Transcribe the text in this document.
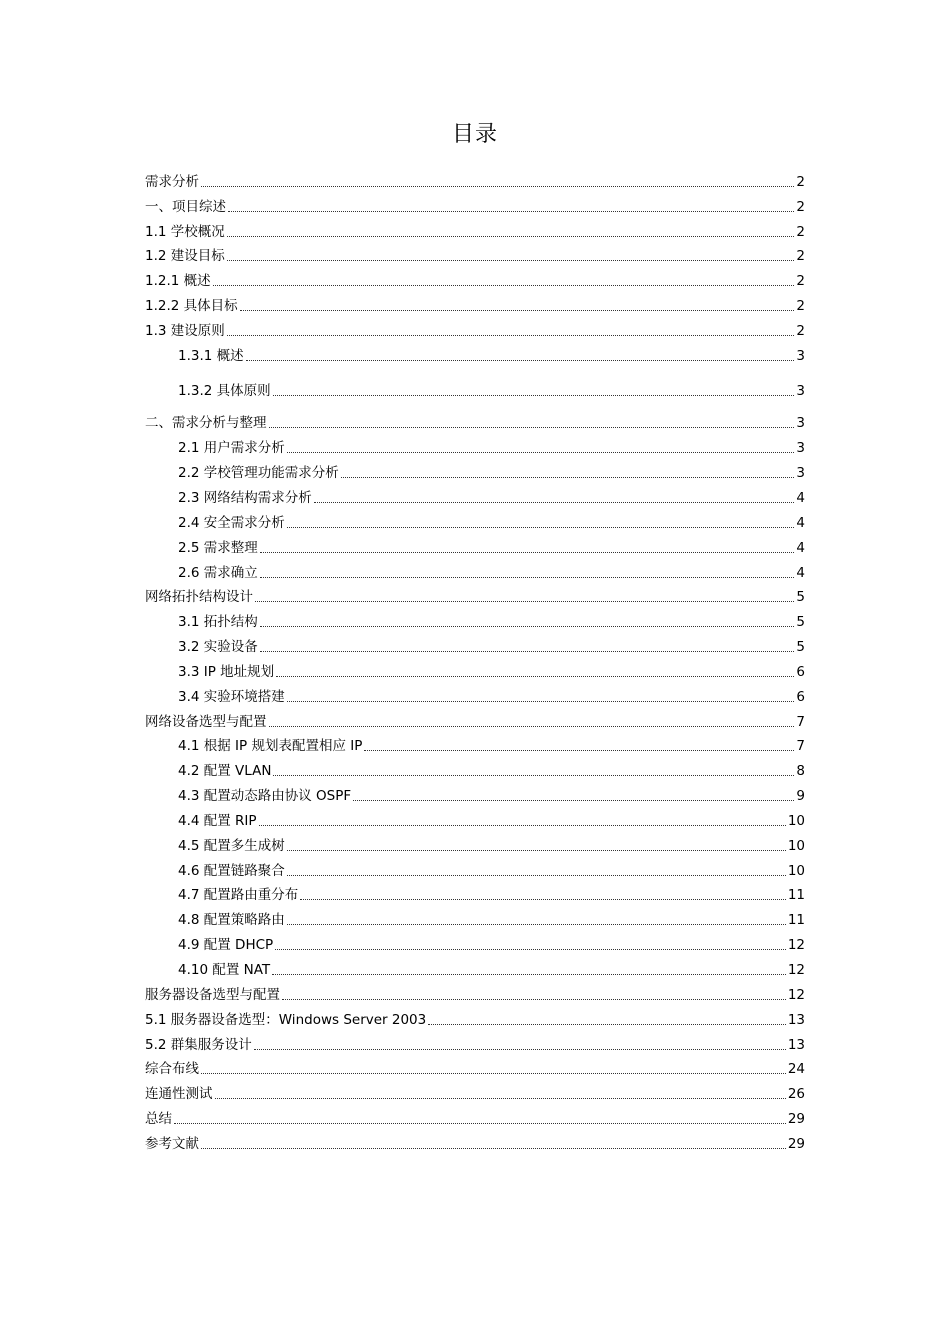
目录
需求分析	2
一、项目综述	2
1.1 学校概况	2
1.2 建设目标	2
1.2.1 概述	2
1.2.2 具体目标	2
1.3 建设原则	2
1.3.1 概述	3
1.3.2 具体原则	3
二、需求分析与整理	3
2.1 用户需求分析	3
2.2 学校管理功能需求分析	3
2.3 网络结构需求分析	4
2.4 安全需求分析	4
2.5 需求整理	4
2.6 需求确立	4
网络拓扑结构设计	5
3.1 拓扑结构	5
3.2 实验设备	5
3.3 IP 地址规划	6
3.4 实验环境搭建	6
网络设备选型与配置	7
4.1 根据 IP 规划表配置相应 IP	7
4.2 配置 VLAN	8
4.3 配置动态路由协议 OSPF	9
4.4 配置 RIP	10
4.5 配置多生成树	10
4.6 配置链路聚合	10
4.7 配置路由重分布	11
4.8 配置策略路由	11
4.9 配置 DHCP	12
4.10 配置 NAT	12
服务器设备选型与配置	12
5.1 服务器设备选型：Windows Server 2003	13
5.2 群集服务设计	13
综合布线	24
连通性测试	26
总结	29
参考文献	29
